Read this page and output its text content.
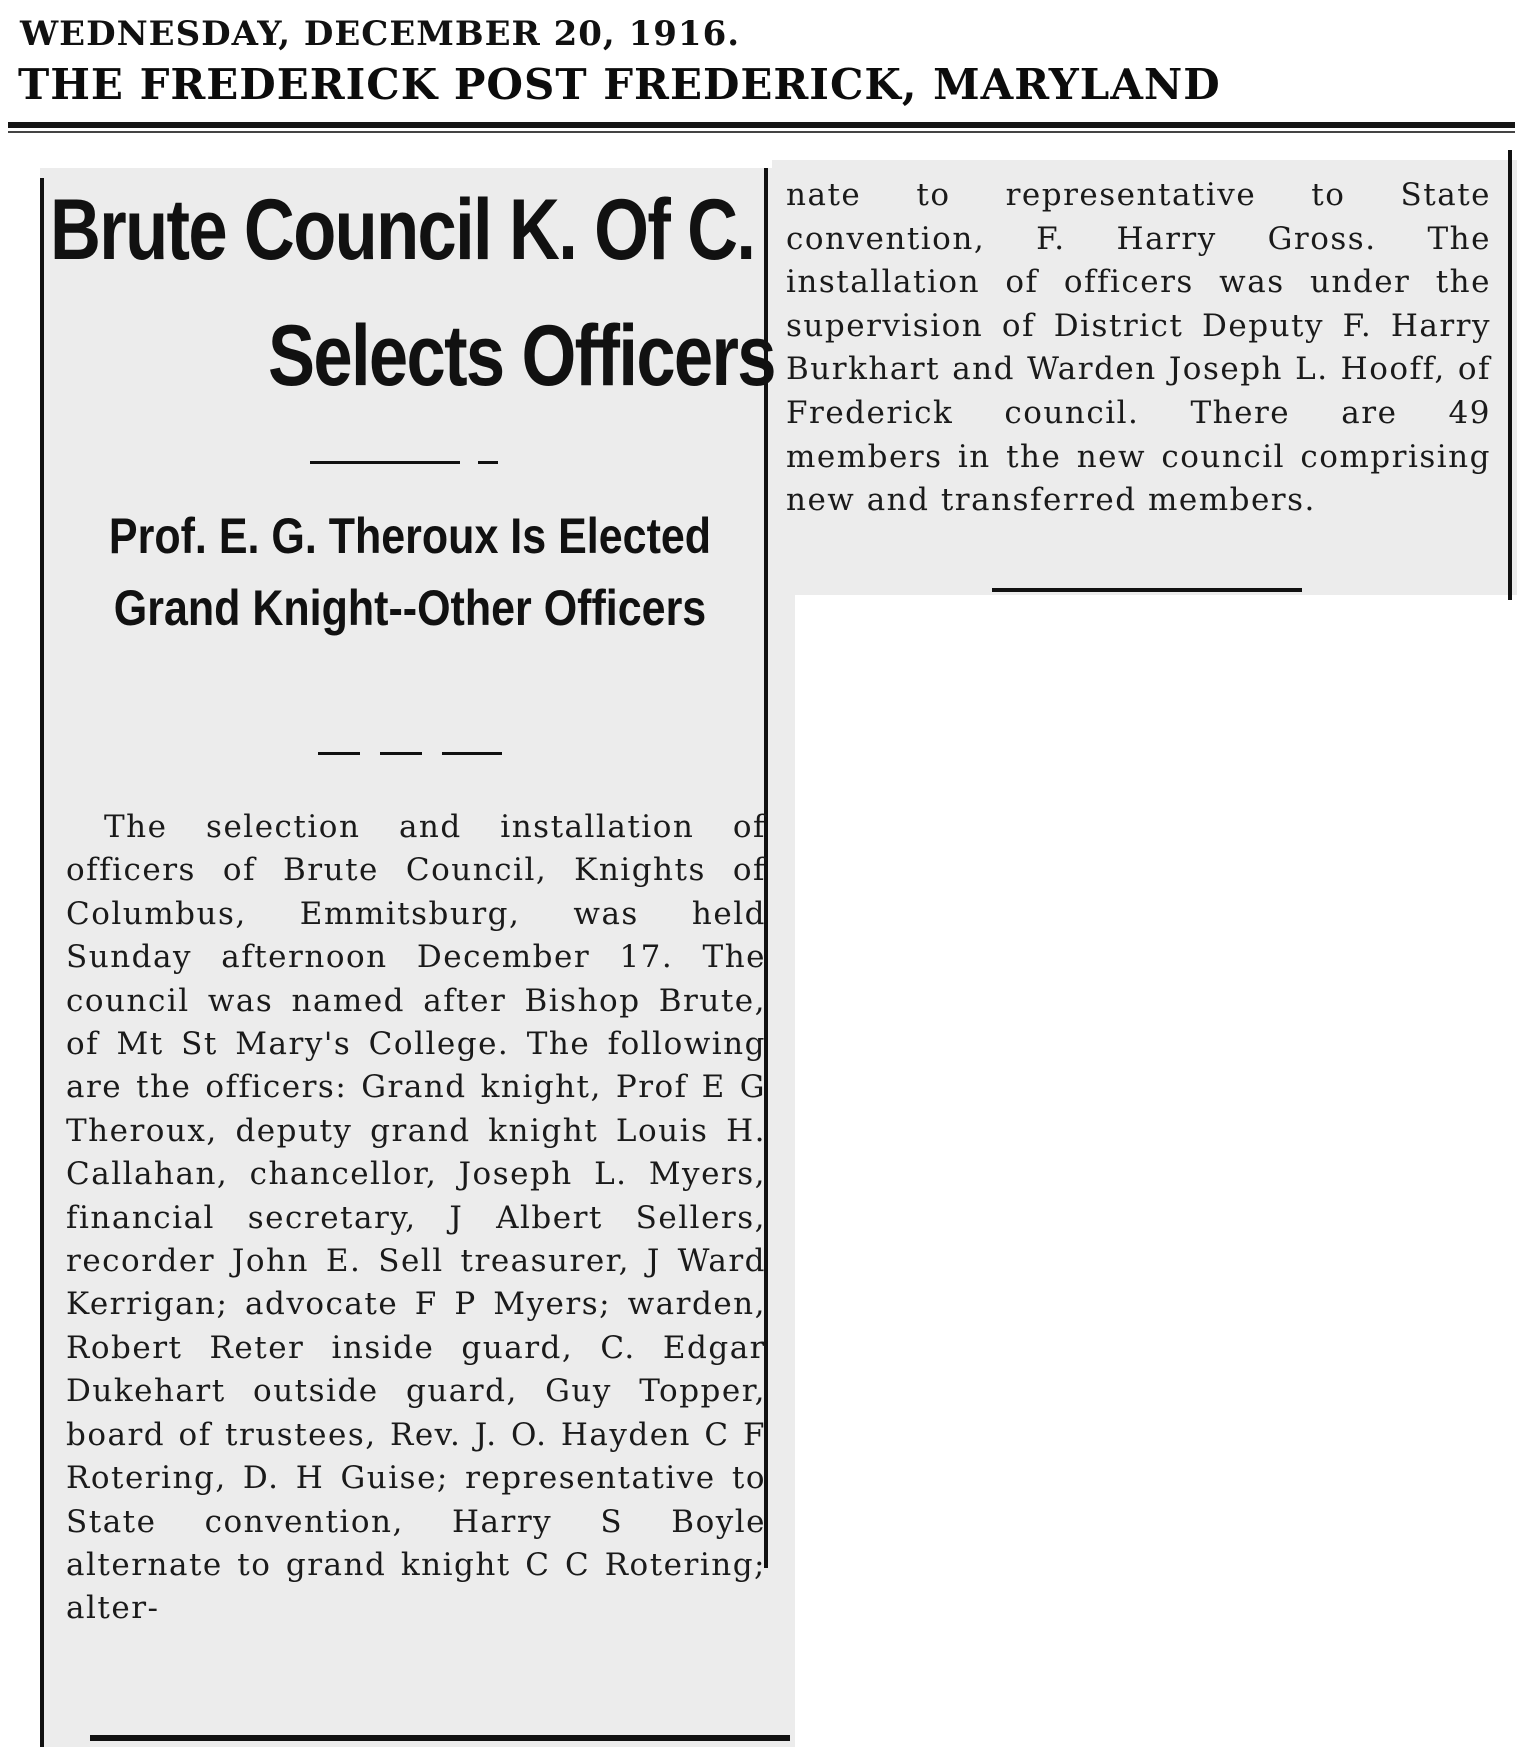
WEDNESDAY, DECEMBER 20, 1916.
THE FREDERICK POST FREDERICK, MARYLAND
Brute Council K. Of C.
Selects Officers
Prof. E. G. Theroux Is Elected Grand Knight--Other Officers

The selection and installation of officers of Brute Council, Knights of Columbus, Emmitsburg, was held Sunday afternoon December 17. The council was named after Bishop Brute, of Mt St Mary's College. The following are the officers: Grand knight, Prof E G Theroux, deputy grand knight Louis H. Callahan, chancellor, Joseph L. Myers, financial secretary, J Albert Sellers, recorder John E. Sell treasurer, J Ward Kerrigan; advocate F P Myers; warden, Robert Reter inside guard, C. Edgar Dukehart outside guard, Guy Topper, board of trustees, Rev. J. O. Hayden C F Rotering, D. H Guise; representative to State convention, Harry S Boyle alternate to grand knight C C Rotering; alter-

nate to representative to State convention, F. Harry Gross. The installation of officers was under the supervision of District Deputy F. Harry Burkhart and Warden Joseph L. Hooff, of Frederick council. There are 49 members in the new council comprising new and transferred members.
